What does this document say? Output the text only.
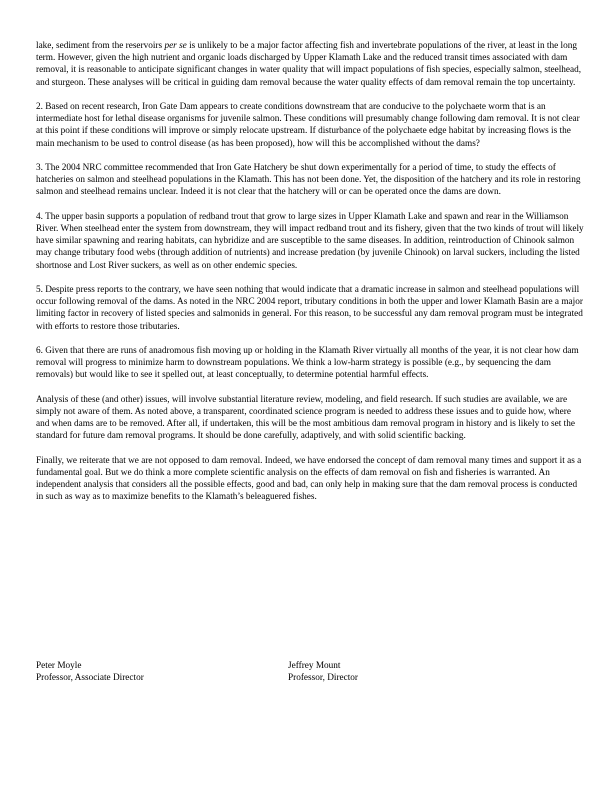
lake, sediment from the reservoirs per se is unlikely to be a major factor affecting fish and invertebrate populations of the river, at least in the long term. However, given the high nutrient and organic loads discharged by Upper Klamath Lake and the reduced transit times associated with dam removal, it is reasonable to anticipate significant changes in water quality that will impact populations of fish species, especially salmon, steelhead, and sturgeon. These analyses will be critical in guiding dam removal because the water quality effects of dam removal remain the top uncertainty.

2. Based on recent research, Iron Gate Dam appears to create conditions downstream that are conducive to the polychaete worm that is an intermediate host for lethal disease organisms for juvenile salmon. These conditions will presumably change following dam removal. It is not clear at this point if these conditions will improve or simply relocate upstream. If disturbance of the polychaete edge habitat by increasing flows is the main mechanism to be used to control disease (as has been proposed), how will this be accomplished without the dams?

3. The 2004 NRC committee recommended that Iron Gate Hatchery be shut down experimentally for a period of time, to study the effects of hatcheries on salmon and steelhead populations in the Klamath. This has not been done. Yet, the disposition of the hatchery and its role in restoring salmon and steelhead remains unclear. Indeed it is not clear that the hatchery will or can be operated once the dams are down.

4. The upper basin supports a population of redband trout that grow to large sizes in Upper Klamath Lake and spawn and rear in the Williamson River. When steelhead enter the system from downstream, they will impact redband trout and its fishery, given that the two kinds of trout will likely have similar spawning and rearing habitats, can hybridize and are susceptible to the same diseases. In addition, reintroduction of Chinook salmon may change tributary food webs (through addition of nutrients) and increase predation (by juvenile Chinook) on larval suckers, including the listed shortnose and Lost River suckers, as well as on other endemic species.

5. Despite press reports to the contrary, we have seen nothing that would indicate that a dramatic increase in salmon and steelhead populations will occur following removal of the dams. As noted in the NRC 2004 report, tributary conditions in both the upper and lower Klamath Basin are a major limiting factor in recovery of listed species and salmonids in general. For this reason, to be successful any dam removal program must be integrated with efforts to restore those tributaries.

6. Given that there are runs of anadromous fish moving up or holding in the Klamath River virtually all months of the year, it is not clear how dam removal will progress to minimize harm to downstream populations. We think a low-harm strategy is possible (e.g., by sequencing the dam removals) but would like to see it spelled out, at least conceptually, to determine potential harmful effects.

Analysis of these (and other) issues, will involve substantial literature review, modeling, and field research. If such studies are available, we are simply not aware of them. As noted above, a transparent, coordinated science program is needed to address these issues and to guide how, where and when dams are to be removed. After all, if undertaken, this will be the most ambitious dam removal program in history and is likely to set the standard for future dam removal programs. It should be done carefully, adaptively, and with solid scientific backing.

Finally, we reiterate that we are not opposed to dam removal. Indeed, we have endorsed the concept of dam removal many times and support it as a fundamental goal. But we do think a more complete scientific analysis on the effects of dam removal on fish and fisheries is warranted. An independent analysis that considers all the possible effects, good and bad, can only help in making sure that the dam removal process is conducted in such as way as to maximize benefits to the Klamath’s beleaguered fishes.

Peter Moyle
Professor, Associate Director
Jeffrey Mount
Professor, Director
